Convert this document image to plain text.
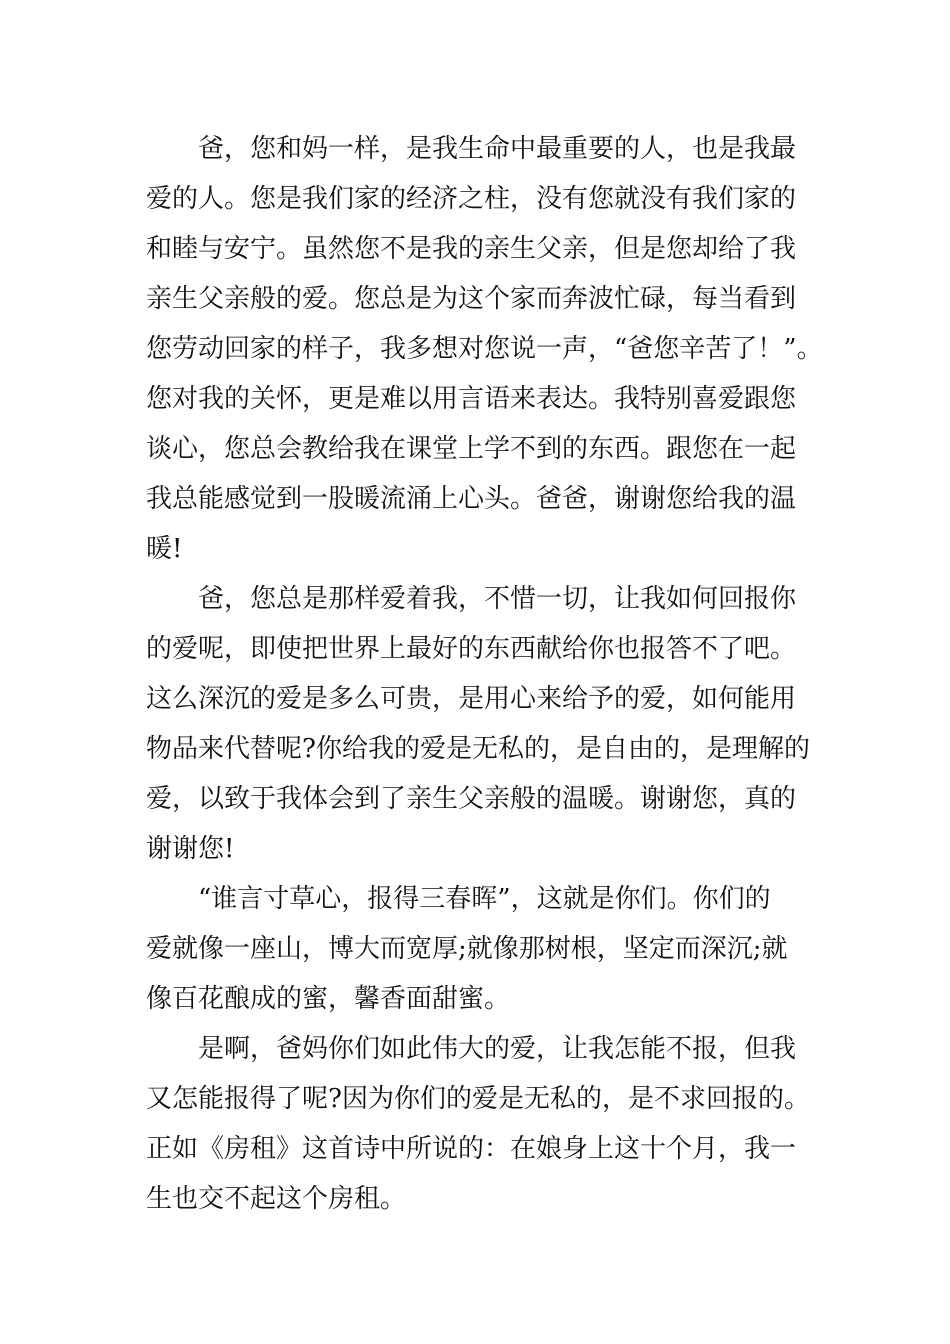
　　爸，您和妈一样，是我生命中最重要的人，也是我最

爱的人。您是我们家的经济之柱，没有您就没有我们家的

和睦与安宁。虽然您不是我的亲生父亲，但是您却给了我

亲生父亲般的爱。您总是为这个家而奔波忙碌，每当看到

您劳动回家的样子，我多想对您说一声，“爸您辛苦了！”。

您对我的关怀，更是难以用言语来表达。我特别喜爱跟您

谈心，您总会教给我在课堂上学不到的东西。跟您在一起

我总能感觉到一股暖流涌上心头。爸爸，谢谢您给我的温

暖!

　　爸，您总是那样爱着我，不惜一切，让我如何回报你

的爱呢，即使把世界上最好的东西献给你也报答不了吧。

这么深沉的爱是多么可贵，是用心来给予的爱，如何能用

物品来代替呢?你给我的爱是无私的，是自由的，是理解的

爱，以致于我体会到了亲生父亲般的温暖。谢谢您，真的

谢谢您!

　　“谁言寸草心，报得三春晖”，这就是你们。你们的

爱就像一座山，博大而宽厚;就像那树根，坚定而深沉;就

像百花酿成的蜜，馨香面甜蜜。

　　是啊，爸妈你们如此伟大的爱，让我怎能不报，但我

又怎能报得了呢?因为你们的爱是无私的，是不求回报的。

正如《房租》这首诗中所说的：在娘身上这十个月，我一

生也交不起这个房租。
